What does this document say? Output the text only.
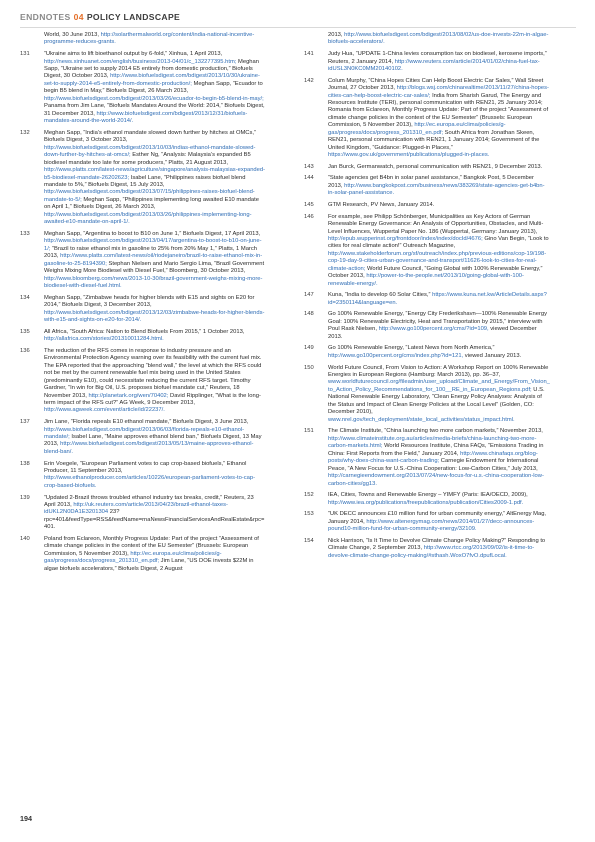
ENDNOTES 04 POLICY LANDSCAPE
World, 30 June 2013, http://solarthermalworld.org/content/india-national-incentive-programme-reduces-grants.
131 “Ukraine aims to lift bioethanol output by 6-fold,” Xinhua, 1 April 2013, http://news.xinhuanet.com/english/business/2013-04/01/c_132277395.htm; Meghan Sapp, “Ukraine set to supply 2014 E5 entirely from domestic production,” Biofuels Digest, 30 October 2013, http://www.biofuelsdigest.com/bdigest/2013/10/30/ukraine-set-to-supply-2014-e5-entirely-from-domestic-production/; Meghan Sapp, “Ecuador to begin B5 blend in May,” Biofuels Digest, 26 March 2013, http://www.biofuelsdigest.com/bdigest/2013/03/26/ecuador-to-begin-b5-blend-in-may/; Panama from Jim Lane, “Biofuels Mandates Around the World: 2014,” Biofuels Digest, 31 December 2013, http://www.biofuelsdigest.com/bdigest/2013/12/31/biofuels-mandates-around-the-world-2014/.
132 Meghan Sapp, “India’s ethanol mandate slowed down further by hitches at OMCs,” Biofuels Digest, 3 October 2013, http://www.biofuelsdigest.com/bdigest/2013/10/03/indias-ethanol-mandate-slowed-down-further-by-hitches-at-omcs/; Esther Ng, “Analysis: Malaysia’s expanded B5 biodiesel mandate too late for some producers,” Platts, 21 August 2013, http://www.platts.com/latest-news/agriculture/singapore/analysis-malaysias-expanded-b5-biodiesel-mandate-26202623; Isabel Lane, “Philippines raises biofuel blend mandate to 5%,” Biofuels Digest, 15 July 2013, http://www.biofuelsdigest.com/bdigest/2013/07/15/philippines-raises-biofuel-blend-mandate-to-5/; Meghan Sapp, “Philippines implementing long awaited E10 mandate on April 1,” Biofuels Digest, 26 March 2013, http://www.biofuelsdigest.com/bdigest/2013/03/26/philippines-implementing-long-awaited-e10-mandate-on-april-1/.
133 Meghan Sapp, “Argentina to boost to B10 on June 1,” Biofuels Digest, 17 April 2013, http://www.biofuelsdigest.com/bdigest/2013/04/17/argentina-to-boost-to-b10-on-june-1/; “Brazil to raise ethanol mix in gasoline to 25% from 20% May 1,” Platts, 1 March 2013, http://www.platts.com/latest-news/oil/riodejaneiro/brazil-to-raise-ethanol-mix-in-gasoline-to-25-8194390; Stephan Nielsen and Mario Sergio Lima, “Brazil Government Weighs Mixing More Biodiesel with Diesel Fuel,” Bloomberg, 30 October 2013, http://www.bloomberg.com/news/2013-10-30/brazil-government-weighs-mixing-more-biodiesel-with-diesel-fuel.html.
134 Meghan Sapp, “Zimbabwe heads for higher blends with E15 and sights on E20 for 2014,” Biofuels Digest, 3 December 2013, http://www.biofuelsdigest.com/bdigest/2013/12/03/zimbabwe-heads-for-higher-blends-with-e15-and-sights-on-e20-for-2014/.
135 All Africa, “South Africa: Nation to Blend Biofuels From 2015,” 1 October 2013, http://allafrica.com/stories/201310011284.html.
136 The reduction of the RFS comes in response to industry pressure and an Environmental Protection Agency warning over its feasibility with the current fuel mix. The EPA reported that the approaching “blend wall,” the level at which the RFS could not be met by the current renewable fuel mix being used in the United States (predominantly E10), could necessitate reducing the current RFS target. Timothy Gardner, “In win for Big Oil, U.S. proposes biofuel mandate cut,” Reuters, 18 November 2013, http://planetark.org/wen/70402; David Ripplinger, “What is the long-term impact of the RFS cut?” AG Week, 9 December 2013, http://www.agweek.com/event/article/id/22237/.
137 Jim Lane, “Florida repeals E10 ethanol mandate,” Biofuels Digest, 3 June 2013, http://www.biofuelsdigest.com/bdigest/2013/06/03/florida-repeals-e10-ethanol-mandate/; Isabel Lane, “Maine approves ethanol blend ban,” Biofuels Digest, 13 May 2013, http://www.biofuelsdigest.com/bdigest/2013/05/13/maine-approves-ethanol-blend-ban/.
138 Erin Voegele, “European Parliament votes to cap crop-based biofuels,” Ethanol Producer, 11 September 2013, http://www.ethanolproducer.com/articles/10226/european-parliament-votes-to-cap-crop-based-biofuels.
139 “Updated 2-Brazil throws troubled ethanol industry tax breaks, credit,” Reuters, 23 April 2013, http://uk.reuters.com/article/2013/04/23/brazil-ethanol-taxes-idUKL2N0DA1E3201304 23?rpc=401&feedType=RSS&feedName=rnaNewsFinancialServicesAndRealEstate&rpc=401.
140 Poland from Eclareon, Monthly Progress Update: Part of the project “Assessment of climate change policies in the context of the EU Semester” (Brussels: European Commission, 5 November 2013), http://ec.europa.eu/clima/policies/g-gas/progress/docs/progress_201310_en.pdf; Jim Lane, “US DOE invests $22M in algae biofuels accelerators,” Biofuels Digest, 2 August
2013, http://www.biofuelsdigest.com/bdigest/2013/08/02/us-doe-invests-22m-in-algae-biofuels-accelerators/.
141 Judy Hua, “UPDATE 1-China levies consumption tax on biodiesel, kerosene imports,” Reuters, 2 January 2014, http://www.reuters.com/article/2014/01/02/china-fuel-tax-idUSL3N0KC0MM20140102.
142 Colum Murphy, “China Hopes Cities Can Help Boost Electric Car Sales,” Wall Street Journal, 27 October 2013, http://blogs.wsj.com/chinarealtime/2013/11/27/china-hopes-cities-can-help-boost-electric-car-sales/; India from Sharish Garud, The Energy and Resources Institute (TERI), personal communication with REN21, 25 January 2014; Romania from Eclareon, Monthly Progress Update: Part of the project “Assessment of climate change policies in the context of the EU Semester” (Brussels: European Commission, 5 November 2013), http://ec.europa.eu/clima/policies/g-gas/progress/docs/progress_201310_en.pdf; South Africa from Jonathan Skeen, REN21, personal communication with REN21, 1 January 2014; Government of the United Kingdom, “Guidance: Plugged-in Places,” https://www.gov.uk/government/publications/plugged-in-places.
143 Jan Burck, Germanwatch, personal communication with REN21, 9 December 2013.
144 “State agencies get B4bn in solar panel assistance,” Bangkok Post, 5 December 2013, http://www.bangkokpost.com/business/news/383269/state-agencies-get-b4bn-in-solar-panel-assistance.
145 GTM Research, PV News, January 2014.
146 For example, see Philipp Schönberger, Municipalities as Key Actors of German Renewable Energy Governance: An Analysis of Opportunities, Obstacles, and Multi-Level Influences, Wuppertal Paper No. 186 (Wuppertal, Germany: January 2013), http://epub.wupperinst.org/frontdoor/index/index/docId/4676; Gino Van Begin, “Look to cities for real climate action!” Outreach Magazine, http://www.stakeholderforum.org/sf/outreach/index.php/previous-editions/cop-19/198-cop-19-day-9-cities-urban-governance-and-transport/11626-look-to-cities-for-real-climate-action; World Future Council, “Going Global with 100% Renewable Energy,” October 2013, http://power-to-the-people.net/2013/10/going-global-with-100-renewable-energy/.
147 Kuna, “India to develop 60 Solar Cities,” https://www.kuna.net.kw/ArticleDetails.aspx?id=2350114&language=en.
148 Go 100% Renewable Energy, “Energy City Frederikshavn—100% Renewable Energy Goal: 100% Renewable Electricity, Heat and Transportation by 2015,” interview with Poul Rask Nielsen, http://www.go100percent.org/cms/?id=109, viewed December 2013.
149 Go 100% Renewable Energy, “Latest News from North America,” http://www.go100percent.org/cms/index.php?id=121, viewed January 2013.
150 World Future Council, From Vision to Action: A Workshop Report on 100% Renewable Energies in European Regions (Hamburg: March 2013), pp. 36–37, www.worldfuturecouncil.org/fileadmin/user_upload/Climate_and_Energy/From_Vision_to_Action_Policy_Recommendations_for_100__RE_in_European_Regions.pdf; U.S. National Renewable Energy Laboratory, “Clean Energy Policy Analyses: Analysis of the Status and Impact of Clean Energy Policies at the Local Level” (Golden, CO: December 2010), www.nrel.gov/tech_deployment/state_local_activities/status_impact.html.
151 The Climate Institute, “China launching two more carbon markets,” November 2013, http://www.climateinstitute.org.au/articles/media-briefs/china-launching-two-more-carbon-markets.html; World Resources Institute, China FAQs, “Emissions Trading in China: First Reports from the Field,” January 2014, http://www.chinafaqs.org/blog-posts/why-does-china-want-carbon-trading; Carnegie Endowment for International Peace, “A New Focus for U.S.-China Cooperation: Low-Carbon Cities,” July 2013, http://carnegieendowment.org/2013/07/24/new-focus-for-u.s.-china-cooperation-low-carbon-cities/gg13.
152 IEA, Cities, Towns and Renewable Energy – YIMFY (Paris: IEA/OECD, 2009), http://www.iea.org/publications/freepublications/publication/Cities2009-1.pdf.
153 “UK DECC announces £10 million fund for urban community energy,” AltEnergy Mag, January 2014, http://www.altenergymag.com/news/2014/01/27/decc-announces-pound10-million-fund-for-urban-community-energy/32109.
154 Nick Harrison, “Is It Time to Devolve Climate Change Policy Making?” Responding to Climate Change, 2 September 2013, http://www.rtcc.org/2013/09/02/is-it-time-to-devolve-climate-change-policy-making/#sthash.WoxO7fvO.dpufLocal.
194
